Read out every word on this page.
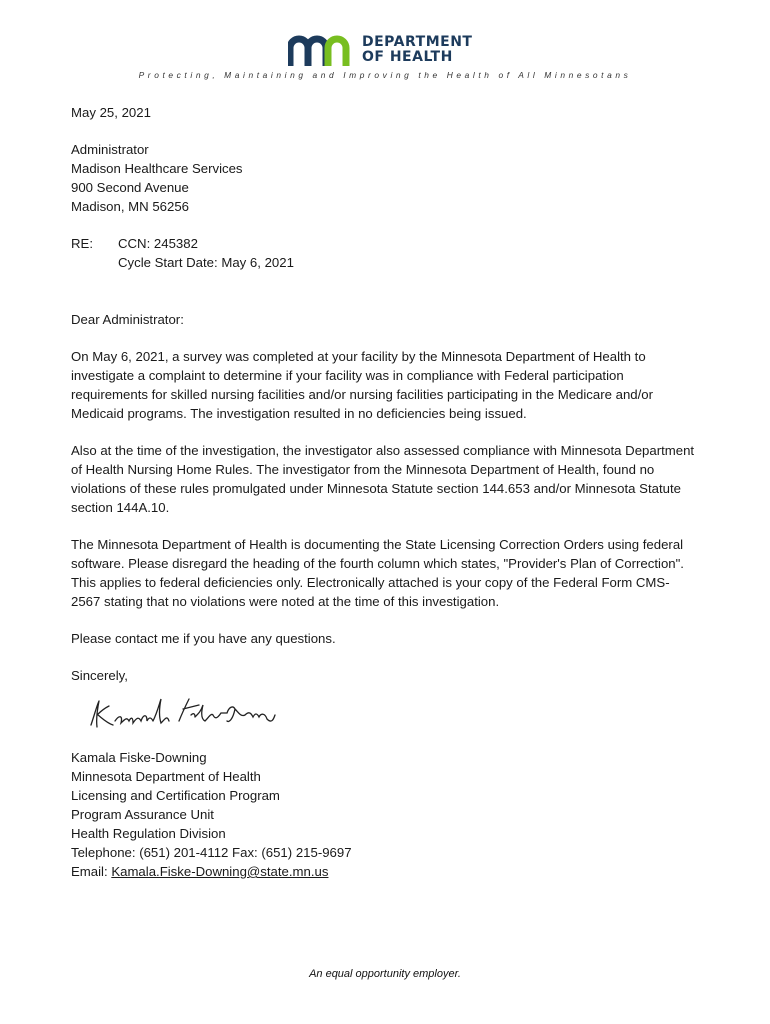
DEPARTMENT
OF HEALTH
Protecting, Maintaining and Improving the Health of All Minnesotans

May 25, 2021

Administrator
Madison Healthcare Services
900 Second Avenue
Madison, MN 56256
RE:	CCN: 245382
Cycle Start Date: May 6, 2021

Dear Administrator:

On May 6, 2021, a survey was completed at your facility by the Minnesota Department of Health to investigate a complaint to determine if your facility was in compliance with Federal participation requirements for skilled nursing facilities and/or nursing facilities participating in the Medicare and/or Medicaid programs. The investigation resulted in no deficiencies being issued.

Also at the time of the investigation, the investigator also assessed compliance with Minnesota Department of Health Nursing Home Rules. The investigator from the Minnesota Department of Health, found no violations of these rules promulgated under Minnesota Statute section 144.653 and/or Minnesota Statute section 144A.10.

The Minnesota Department of Health is documenting the State Licensing Correction Orders using federal software. Please disregard the heading of the fourth column which states, "Provider's Plan of Correction". This applies to federal deficiencies only. Electronically attached is your copy of the Federal Form CMS-2567 stating that no violations were noted at the time of this investigation.

Please contact me if you have any questions.

Sincerely,

Kamala Fiske-Downing
Minnesota Department of Health
Licensing and Certification Program
Program Assurance Unit
Health Regulation Division
Telephone: (651) 201-4112 Fax: (651) 215-9697
Email: Kamala.Fiske-Downing@state.mn.us
An equal opportunity employer.
